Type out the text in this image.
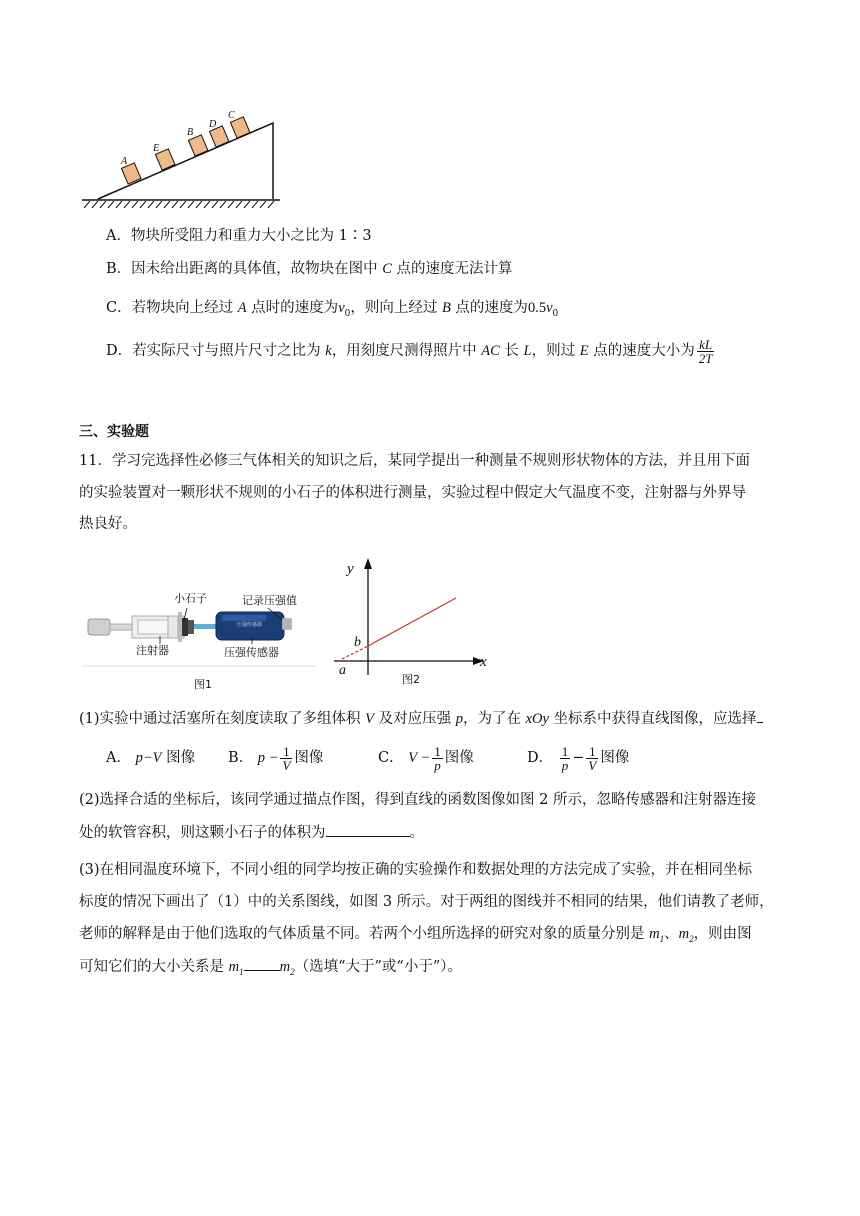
A
E
B
D
C
A．物块所受阻力和重力大小之比为 1∶3
B．因未给出距离的具体值，故物块在图中 C 点的速度无法计算
C．若物块向上经过 A 点时的速度为$v_0$，则向上经过 B 点的速度为$0.5v_0$
D．若实际尺寸与照片尺寸之比为 k，用刻度尺测得照片中 AC 长 L，则过 E 点的速度大小为 $\frac{kL}{2T}$
三、实验题
11．学习完选择性必修三气体相关的知识之后，某同学提出一种测量不规则形状物体的方法，并且用下面
的实验装置对一颗形状不规则的小石子的体积进行测量，实验过程中假定大气温度不变，注射器与外界导
热良好。
压强传感器
小石子	记录压强值
注射器	压强传感器
图1
y
x
b
a
图2
(1)实验中通过活塞所在刻度读取了多组体积 V 及对应压强 p，为了在 xOy 坐标系中获得直线图像，应选择
A． p−V 图像 B． $p - \frac{1}{V}$ 图像	C． $V - \frac{1}{p}$ 图像	D． $\frac{1}{p} - \frac{1}{V}$ 图像
(2)选择合适的坐标后，该同学通过描点作图，得到直线的函数图像如图 2 所示，忽略传感器和注射器连接
处的软管容积，则这颗小石子的体积为	。
(3)在相同温度环境下，不同小组的同学均按正确的实验操作和数据处理的方法完成了实验，并在相同坐标
标度的情况下画出了（1）中的关系图线，如图 3 所示。对于两组的图线并不相同的结果，他们请教了老师，
老师的解释是由于他们选取的气体质量不同。若两个小组所选择的研究对象的质量分别是 $m_1$、$m_2$，则由图
可知它们的大小关系是 $m_1$ $m_2$（选填“大于”或“小于”）。
